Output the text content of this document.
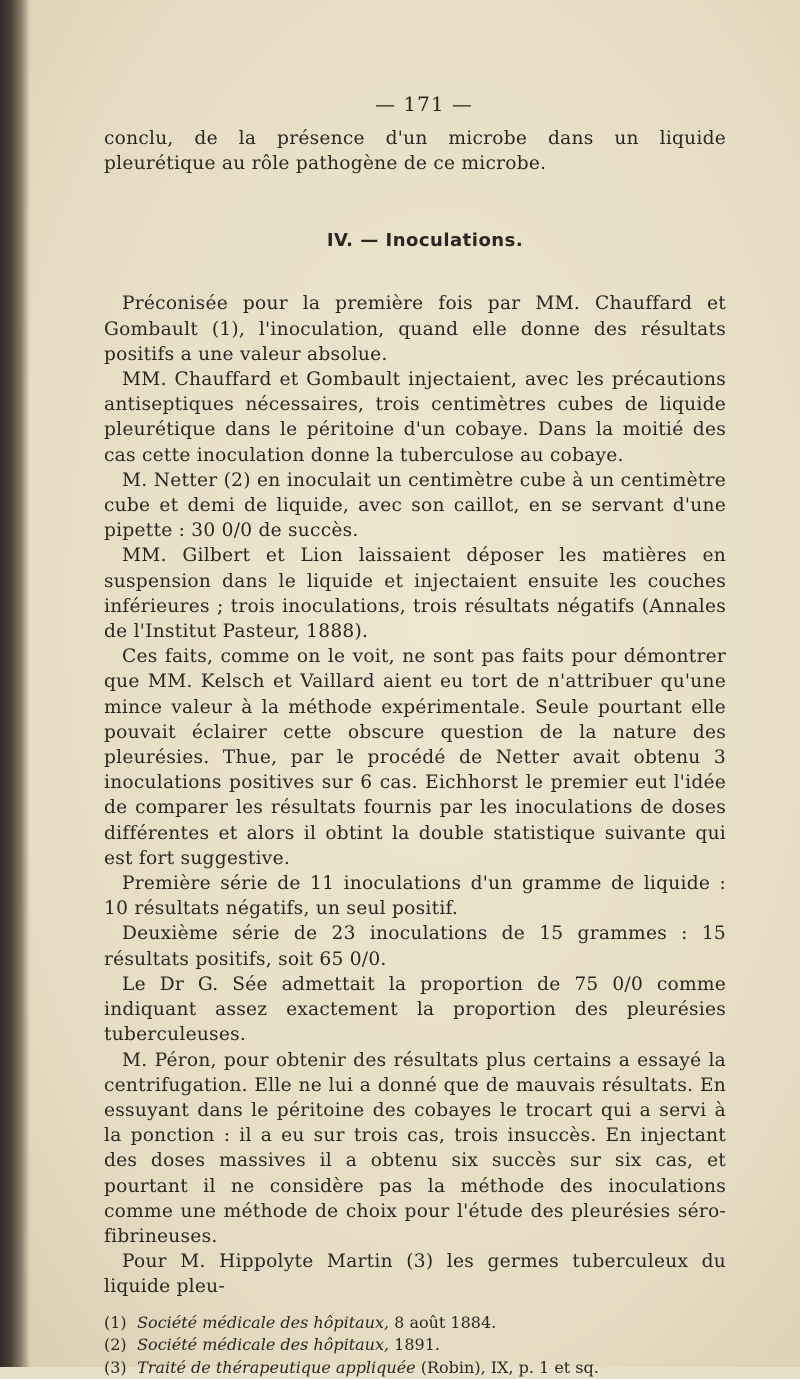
— 171 —

conclu, de la présence d'un microbe dans un liquide pleurétique au rôle pathogène de ce microbe.

IV. — Inoculations.

Préconisée pour la première fois par MM. Chauffard et Gombault (1), l'inoculation, quand elle donne des résultats positifs a une valeur absolue.

MM. Chauffard et Gombault injectaient, avec les précautions antiseptiques nécessaires, trois centimètres cubes de liquide pleurétique dans le péritoine d'un cobaye. Dans la moitié des cas cette inoculation donne la tuberculose au cobaye.

M. Netter (2) en inoculait un centimètre cube à un centimètre cube et demi de liquide, avec son caillot, en se servant d'une pipette : 30 0/0 de succès.

MM. Gilbert et Lion laissaient déposer les matières en suspension dans le liquide et injectaient ensuite les couches inférieures ; trois inoculations, trois résultats négatifs (Annales de l'Institut Pasteur, 1888).

Ces faits, comme on le voit, ne sont pas faits pour démontrer que MM. Kelsch et Vaillard aient eu tort de n'attribuer qu'une mince valeur à la méthode expérimentale. Seule pourtant elle pouvait éclairer cette obscure question de la nature des pleurésies. Thue, par le procédé de Netter avait obtenu 3 inoculations positives sur 6 cas. Eichhorst le premier eut l'idée de comparer les résultats fournis par les inoculations de doses différentes et alors il obtint la double statistique suivante qui est fort suggestive.

Première série de 11 inoculations d'un gramme de liquide : 10 résultats négatifs, un seul positif.

Deuxième série de 23 inoculations de 15 grammes : 15 résultats positifs, soit 65 0/0.

Le Dr G. Sée admettait la proportion de 75 0/0 comme indiquant assez exactement la proportion des pleurésies tuberculeuses.

M. Péron, pour obtenir des résultats plus certains a essayé la centrifugation. Elle ne lui a donné que de mauvais résultats. En essuyant dans le péritoine des cobayes le trocart qui a servi à la ponction : il a eu sur trois cas, trois insuccès. En injectant des doses massives il a obtenu six succès sur six cas, et pourtant il ne considère pas la méthode des inoculations comme une méthode de choix pour l'étude des pleurésies séro-fibrineuses.

Pour M. Hippolyte Martin (3) les germes tuberculeux du liquide pleu-

(1) Société médicale des hôpitaux, 8 août 1884.

(2) Société médicale des hôpitaux, 1891.

(3) Traité de thérapeutique appliquée (Robin), IX, p. 1 et sq.
